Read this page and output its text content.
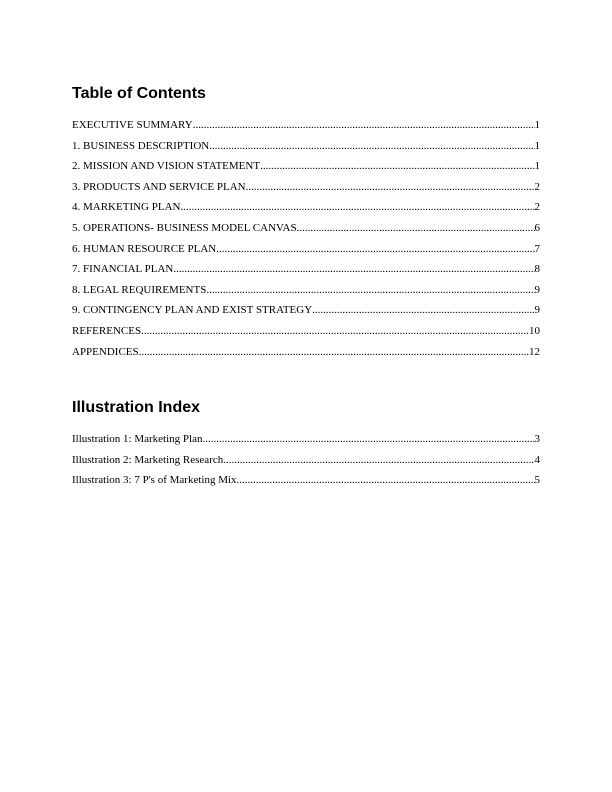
Table of Contents
EXECUTIVE SUMMARY .....	1
1. BUSINESS DESCRIPTION .....	1
2. MISSION AND VISION STATEMENT .....	1
3. PRODUCTS AND SERVICE PLAN .....	2
4. MARKETING PLAN .....	2
5. OPERATIONS- BUSINESS MODEL CANVAS .....	6
6. HUMAN RESOURCE PLAN .....	7
7. FINANCIAL PLAN .....	8
8. LEGAL REQUIREMENTS .....	9
9. CONTINGENCY PLAN AND EXIST STRATEGY .....	9
REFERENCES .....	10
APPENDICES .....	12
Illustration Index
Illustration 1: Marketing Plan .....	3
Illustration 2: Marketing Research .....	4
Illustration 3: 7 P's of Marketing Mix .....	5
